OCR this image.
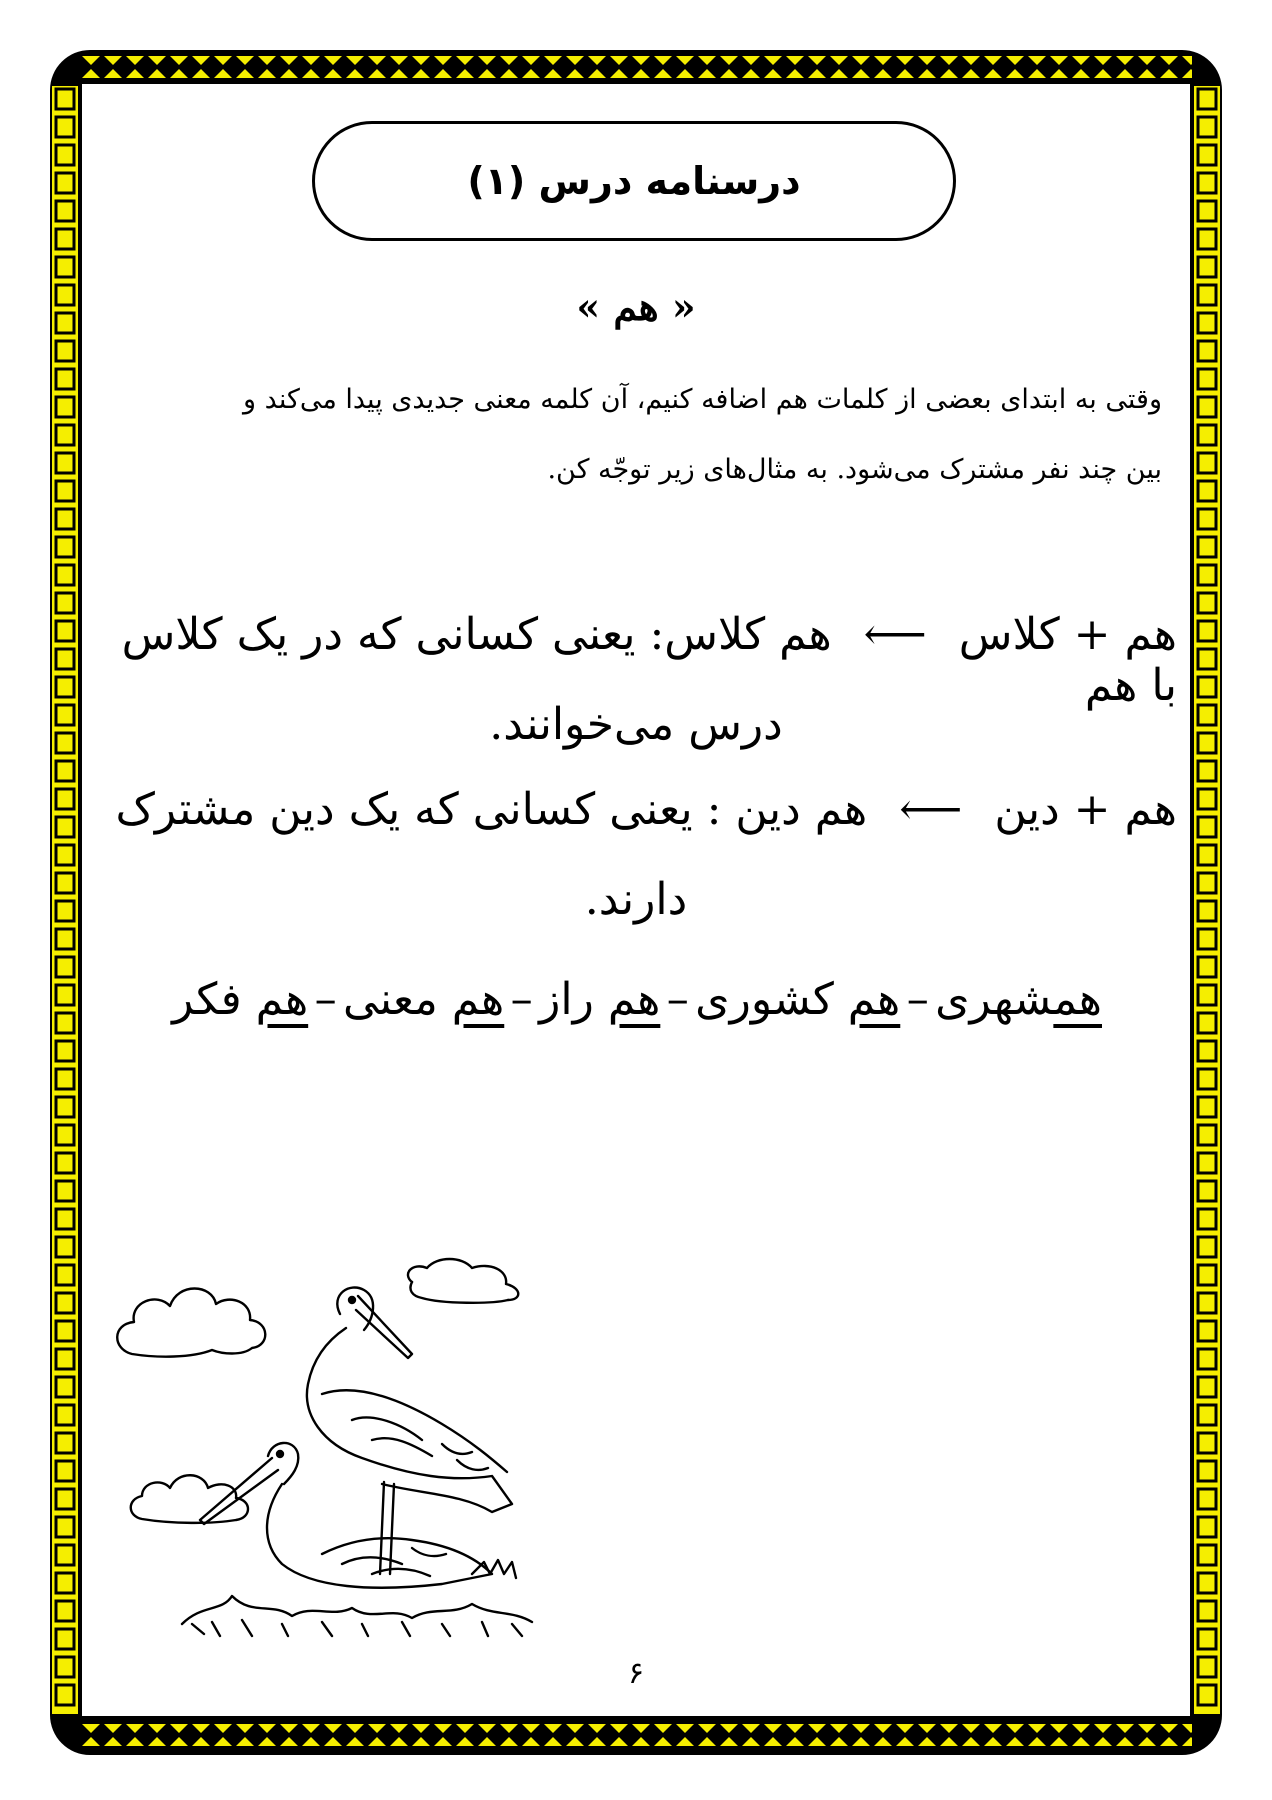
درسنامه درس (۱)
« هم »
وقتی به ابتدای بعضی از کلمات هم اضافه کنیم، آن کلمه معنی جدیدی پیدا می‌کند و
بین چند نفر مشترک می‌شود. به مثال‌های زیر توجّه کن.
هم + کلاس ⟵ هم کلاس: یعنی کسانی که در یک کلاس با هم
درس می‌خوانند.
هم + دین ⟵ هم دین : یعنی کسانی که یک دین مشترک
دارند.
همشهری
–
هم کشوری
–
هم راز
–
هم معنی
–
هم فکر
۶
